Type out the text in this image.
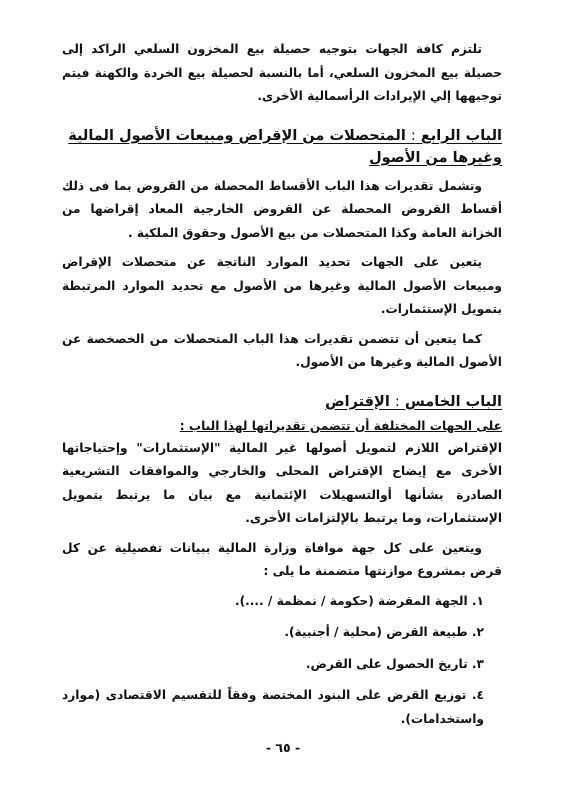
تلتزم كافة الجهات بتوجيه حصيلة بيع المخزون السلعي الراكد إلى حصيلة بيع المخزون السلعي، أما بالنسبة لحصيلة بيع الخردة والكهنة فيتم توجيهها إلي الإيرادات الرأسمالية الأخرى.

الباب الرابع : المتحصلات من الإقراض ومبيعات الأصول المالية وغيرها من الأصول

وتشمل تقديرات هذا الباب الأقساط المحصلة من القروض بما فى ذلك أقساط القروض المحصلة عن القروض الخارجية المعاد إقراضها من الخزانة العامة وكذا المتحصلات من بيع الأصول وحقوق الملكية .

يتعين على الجهات تحديد الموارد الناتجة عن متحصلات الإقراض ومبيعات الأصول المالية وغيرها من الأصول مع تحديد الموارد المرتبطة بتمويل الإستثمارات.

كما يتعين أن تتضمن تقديرات هذا الباب المتحصلات من الخصخصة عن الأصول المالية وغيرها من الأصول.

الباب الخامس : الإقتراض
على الجهات المختلفة أن تتضمن تقديراتها لهذا الباب :

الإقتراض اللازم لتمويل أصولها غير المالية "الإستثمارات" وإحتياجاتها الأخرى مع إيضاح الإقتراض المحلى والخارجي والموافقات التشريعية الصادرة بشأنها أوالتسهيلات الإئتمانية مع بيان ما يرتبط بتمويل الإستثمارات، وما يرتبط بالإلتزامات الأخرى.

ويتعين على كل جهة موافاة وزارة المالية ببيانات تفصيلية عن كل قرض بمشروع موازنتها متضمنة ما يلى :

١. الجهة المقرضة (حكومة / نمظمة / ....).
٢. طبيعة القرض (محلية / أجنبية).
٣. تاريخ الحصول على القرض.
٤. توزيع القرض على البنود المختصة وفقاً للتقسيم الاقتصادى (موارد واستخدامات).
- ٦٥ -
